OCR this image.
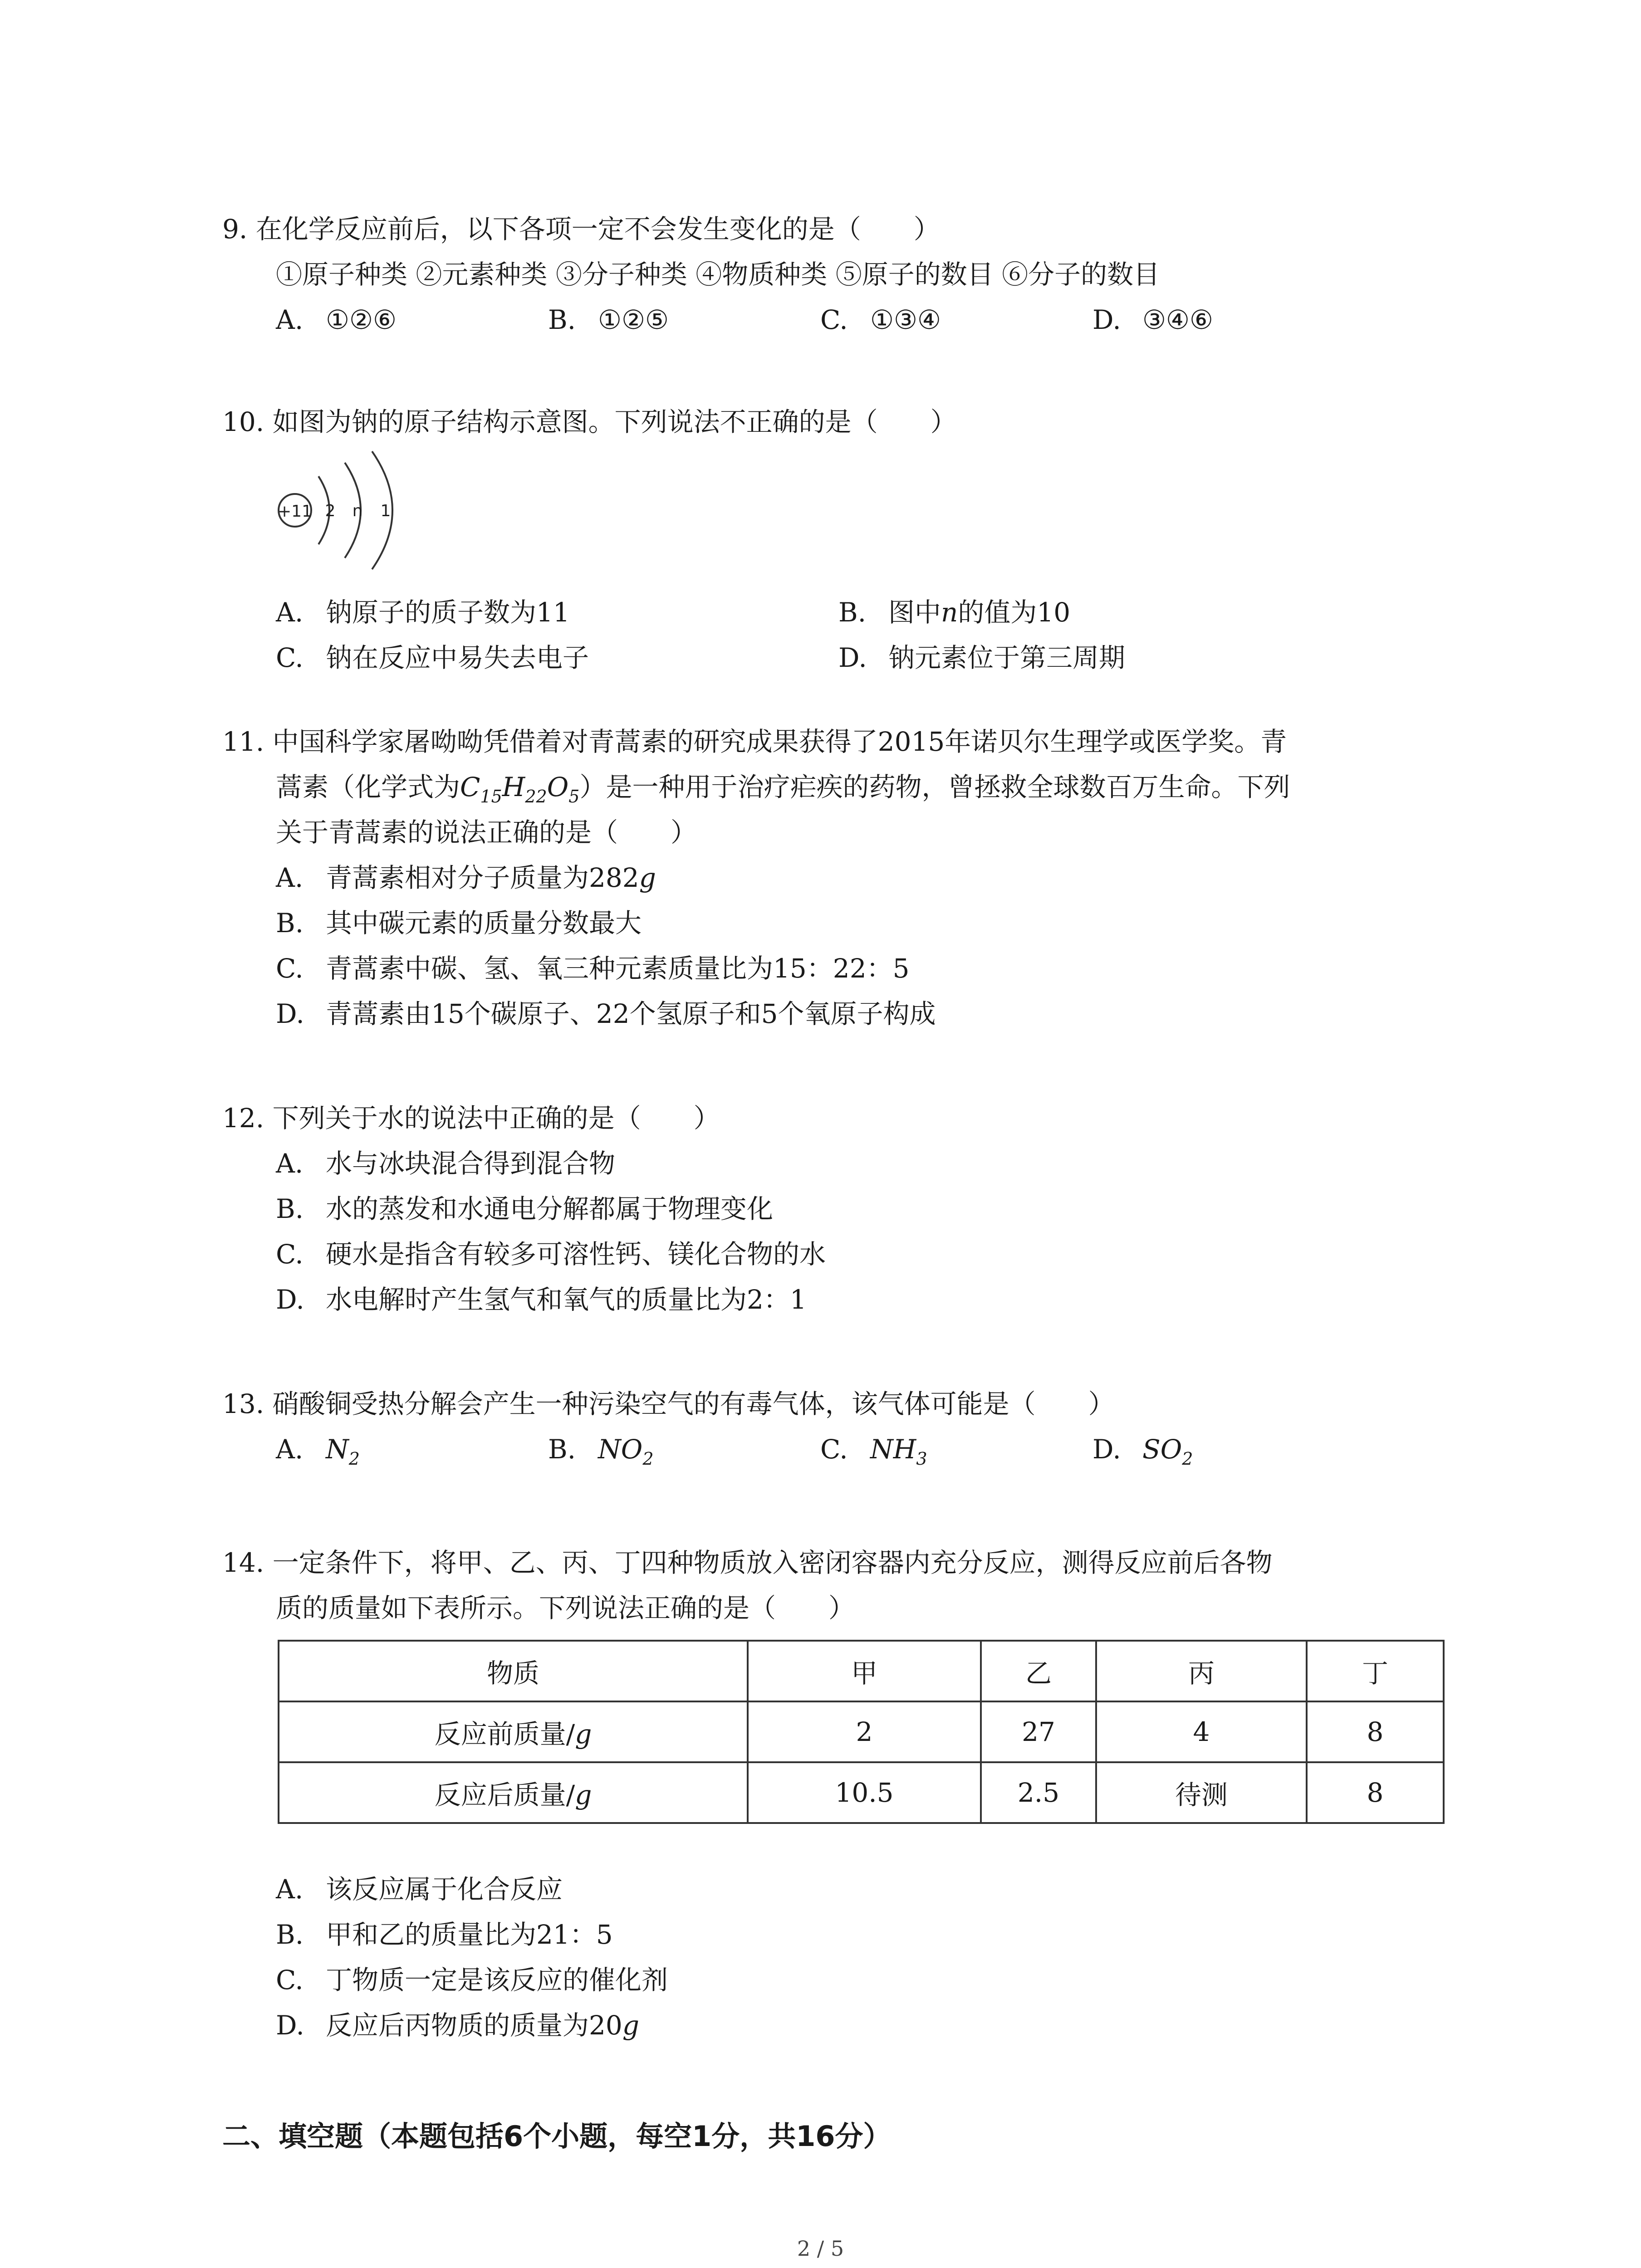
9. 在化学反应前后，以下各项一定不会发生变化的是（　　）
①原子种类 ②元素种类 ③分子种类 ④物质种类 ⑤原子的数目 ⑥分子的数目
A. ①②⑥	B. ①②⑤	C. ①③④	D. ③④⑥
10. 如图为钠的原子结构示意图。下列说法不正确的是（　　）
+11 2 n 1
A. 钠原子的质子数为11	B. 图中n的值为10
C. 钠在反应中易失去电子	D. 钠元素位于第三周期
11. 中国科学家屠呦呦凭借着对青蒿素的研究成果获得了2015年诺贝尔生理学或医学奖。青
蒿素（化学式为$C_{15}H_{22}O_5$）是一种用于治疗疟疾的药物，曾拯救全球数百万生命。下列
关于青蒿素的说法正确的是（　　）
A. 青蒿素相对分子质量为282g
B. 其中碳元素的质量分数最大
C. 青蒿素中碳、氢、氧三种元素质量比为15：22：5
D. 青蒿素由15个碳原子、22个氢原子和5个氧原子构成
12. 下列关于水的说法中正确的是（　　）
A. 水与冰块混合得到混合物
B. 水的蒸发和水通电分解都属于物理变化
C. 硬水是指含有较多可溶性钙、镁化合物的水
D. 水电解时产生氢气和氧气的质量比为2：1
13. 硝酸铜受热分解会产生一种污染空气的有毒气体，该气体可能是（　　）
A. $N_2$	B. $NO_2$	C. $NH_3$	D. $SO_2$
14. 一定条件下，将甲、乙、丙、丁四种物质放入密闭容器内充分反应，测得反应前后各物
质的质量如下表所示。下列说法正确的是（　　）
物质	甲	乙	丙	丁
反应前质量/g	2	27	4	8
反应后质量/g	10.5	2.5	待测	8
A. 该反应属于化合反应
B. 甲和乙的质量比为21：5
C. 丁物质一定是该反应的催化剂
D. 反应后丙物质的质量为20g
二、填空题（本题包括6个小题，每空1分，共16分）
2 / 5
